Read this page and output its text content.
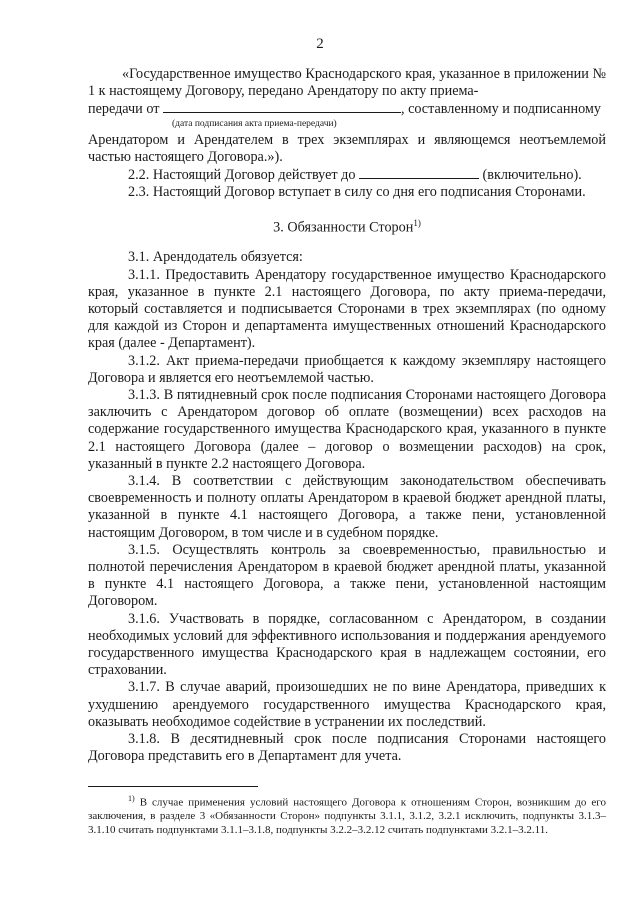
2

«Государственное имущество Краснодарского края, указанное в приложении № 1 к настоящему Договору, передано Арендатору по акту приема-

передачи от	, составленному и подписанному
(дата подписания акта приема-передачи)

Арендатором и Арендателем в трех экземплярах и являющемся неотъемлемой частью настоящего Договора.»).

2.2. Настоящий Договор действует до	(включительно).

2.3. Настоящий Договор вступает в силу со дня его подписания Сторонами.

3. Обязанности Сторон$^{1)}$

3.1. Арендодатель обязуется:

3.1.1. Предоставить Арендатору государственное имущество Краснодарского края, указанное в пункте 2.1 настоящего Договора, по акту приема-передачи, который составляется и подписывается Сторонами в трех экземплярах (по одному для каждой из Сторон и департамента имущественных отношений Краснодарского края (далее - Департамент).

3.1.2. Акт приема-передачи приобщается к каждому экземпляру настоящего Договора и является его неотъемлемой частью.

3.1.3. В пятидневный срок после подписания Сторонами настоящего Договора заключить с Арендатором договор об оплате (возмещении) всех расходов на содержание государственного имущества Краснодарского края, указанного в пункте 2.1 настоящего Договора (далее – договор о возмещении расходов) на срок, указанный в пункте 2.2 настоящего Договора.

3.1.4. В соответствии с действующим законодательством обеспечивать своевременность и полноту оплаты Арендатором в краевой бюджет арендной платы, указанной в пункте 4.1 настоящего Договора, а также пени, установленной настоящим Договором, в том числе и в судебном порядке.

3.1.5. Осуществлять контроль за своевременностью, правильностью и полнотой перечисления Арендатором в краевой бюджет арендной платы, указанной в пункте 4.1 настоящего Договора, а также пени, установленной настоящим Договором.

3.1.6. Участвовать в порядке, согласованном с Арендатором, в создании необходимых условий для эффективного использования и поддержания арендуемого государственного имущества Краснодарского края в надлежащем состоянии, его страховании.

3.1.7. В случае аварий, произошедших не по вине Арендатора, приведших к ухудшению арендуемого государственного имущества Краснодарского края, оказывать необходимое содействие в устранении их последствий.

3.1.8. В десятидневный срок после подписания Сторонами настоящего Договора представить его в Департамент для учета.

$^{1)}$ В случае применения условий настоящего Договора к отношениям Сторон, возникшим до его заключения, в разделе 3 «Обязанности Сторон» подпункты 3.1.1, 3.1.2, 3.2.1 исключить, подпункты 3.1.3–3.1.10 считать подпунктами 3.1.1–3.1.8, подпункты 3.2.2–3.2.12 считать подпунктами 3.2.1–3.2.11.
